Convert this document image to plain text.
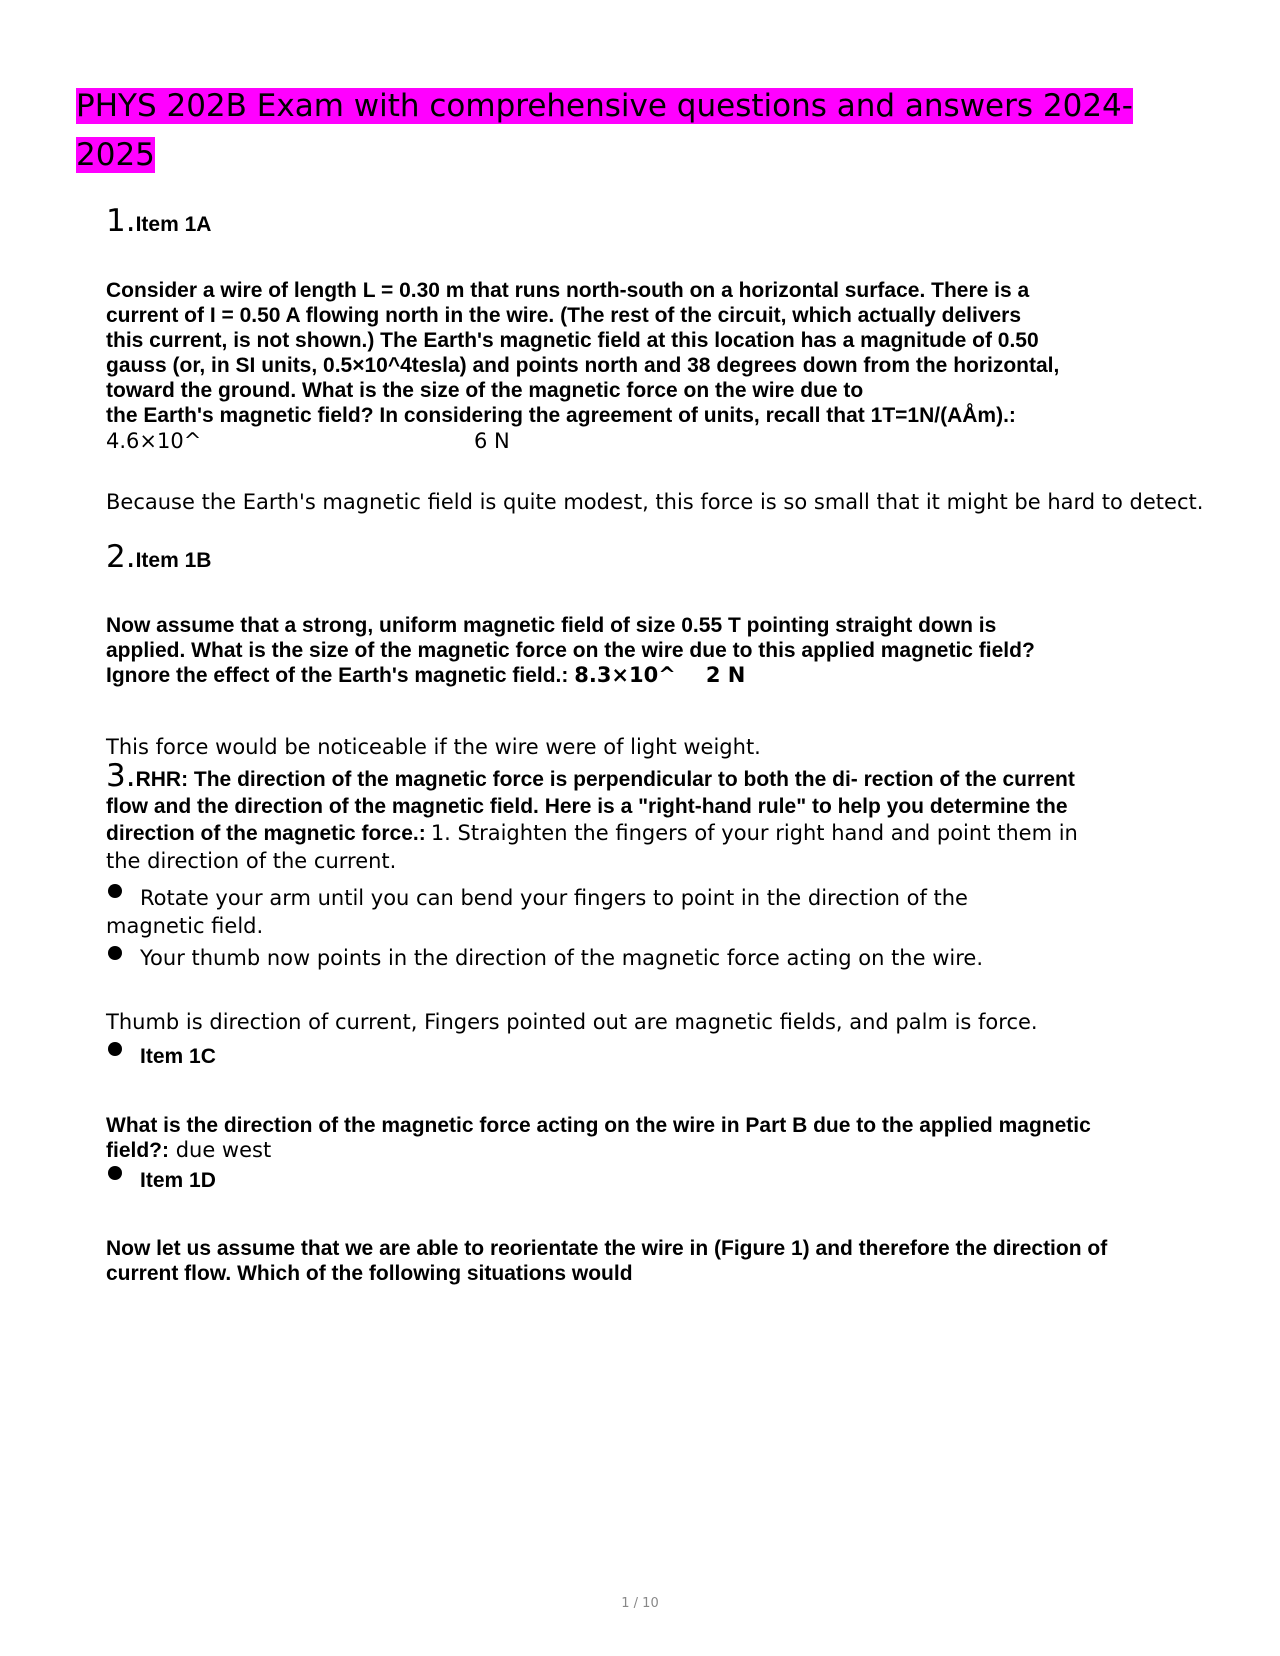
PHYS 202B Exam with comprehensive questions and answers 2024-2025
1.Item 1A
Consider a wire of length L = 0.30 m that runs north-south on a horizontal surface. There is a
current of I = 0.50 A flowing north in the wire. (The rest of the circuit, which actually delivers
this current, is not shown.) The Earth's magnetic field at this location has a magnitude of 0.50
gauss (or, in SI units, 0.5×10^4tesla) and points north and 38 degrees down from the horizontal,
toward the ground. What is the size of the magnetic force on the wire due to
the Earth's magnetic field? In considering the agreement of units, recall that 1T=1N/(AÅm).:
4.6×10^	6 N
Because the Earth's magnetic field is quite modest, this force is so small that it might be hard to detect.
2.Item 1B
Now assume that a strong, uniform magnetic field of size 0.55 T pointing straight down is
applied. What is the size of the magnetic force on the wire due to this applied magnetic field?
Ignore the effect of the Earth's magnetic field.: 8.3×10^ 2 N
This force would be noticeable if the wire were of light weight.
3.RHR: The direction of the magnetic force is perpendicular to both the di- rection of the current
flow and the direction of the magnetic field. Here is a "right-hand rule" to help you determine the
direction of the magnetic force.: 1. Straighten the fingers of your right hand and point them in
the direction of the current.
Rotate your arm until you can bend your fingers to point in the direction of the
magnetic field.
Your thumb now points in the direction of the magnetic force acting on the wire.
Thumb is direction of current, Fingers pointed out are magnetic fields, and palm is force.
Item 1C
What is the direction of the magnetic force acting on the wire in Part B due to the applied magnetic
field?: due west
Item 1D
Now let us assume that we are able to reorientate the wire in (Figure 1) and therefore the direction of
current flow. Which of the following situations would
1 / 10
